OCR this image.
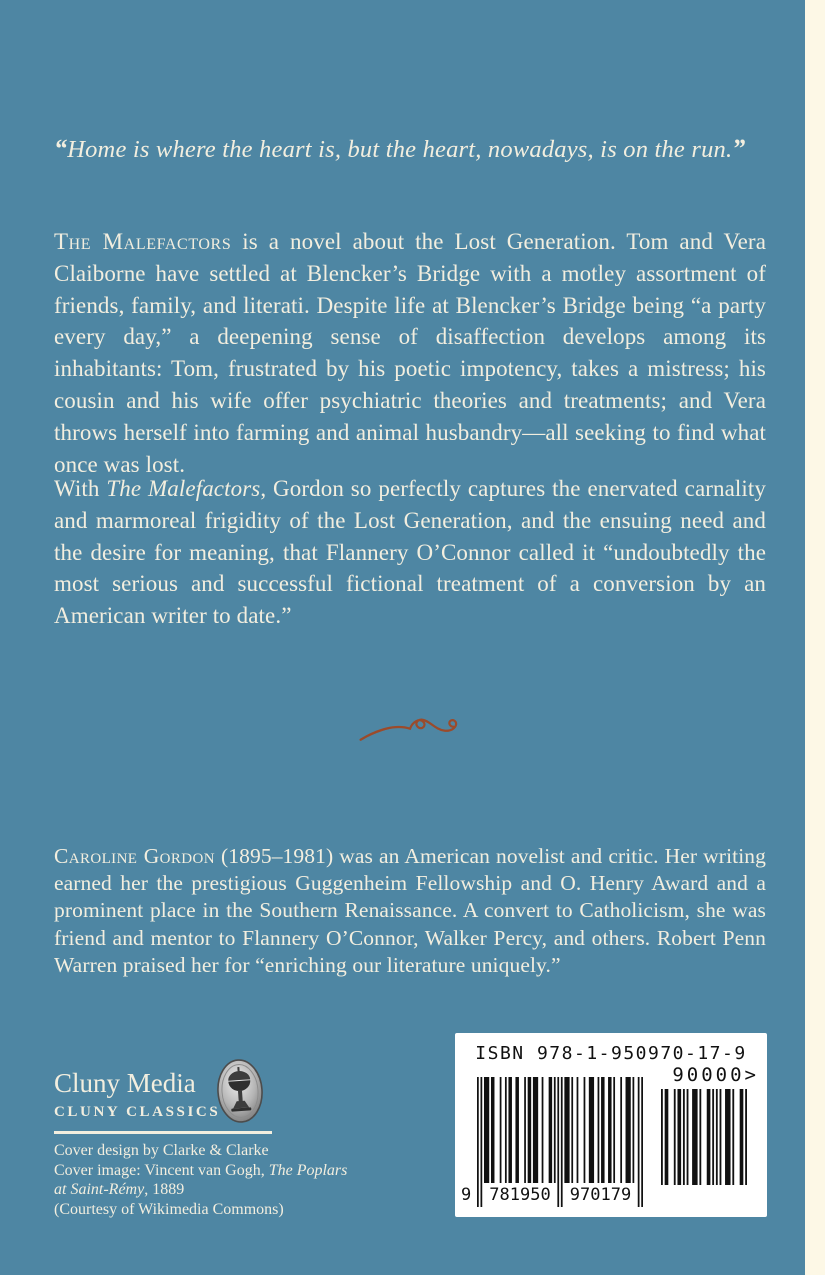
“Home is where the heart is, but the heart, nowadays, is on the run.”

The Malefactors is a novel about the Lost Generation. Tom and Vera Claiborne have settled at Blencker’s Bridge with a motley assortment of friends, family, and literati. Despite life at Blencker’s Bridge being “a party every day,” a deepening sense of disaffection develops among its inhabitants: Tom, frustrated by his poetic impotency, takes a mistress; his cousin and his wife offer psychiatric theories and treatments; and Vera throws herself into farming and animal husbandry—all seeking to find what once was lost.

With The Malefactors, Gordon so perfectly captures the enervated carnality and marmoreal frigidity of the Lost Generation, and the ensuing need and the desire for meaning, that Flannery O’Connor called it “undoubtedly the most serious and successful fictional treatment of a conversion by an American writer to date.”

Caroline Gordon (1895–1981) was an American novelist and critic. Her writing earned her the prestigious Guggenheim Fellowship and O. Henry Award and a prominent place in the Southern Renaissance. A convert to Catholicism, she was friend and mentor to Flannery O’Connor, Walker Percy, and others. Robert Penn Warren praised her for “enriching our literature uniquely.”

Cluny Media
CLUNY CLASSICS
Cover design by Clarke & Clarke
Cover image: Vincent van Gogh, The Poplars
at Saint-Rémy, 1889
(Courtesy of Wikimedia Commons)
ISBN 978-1-950970-17-9
90000>
9 781950	970179
